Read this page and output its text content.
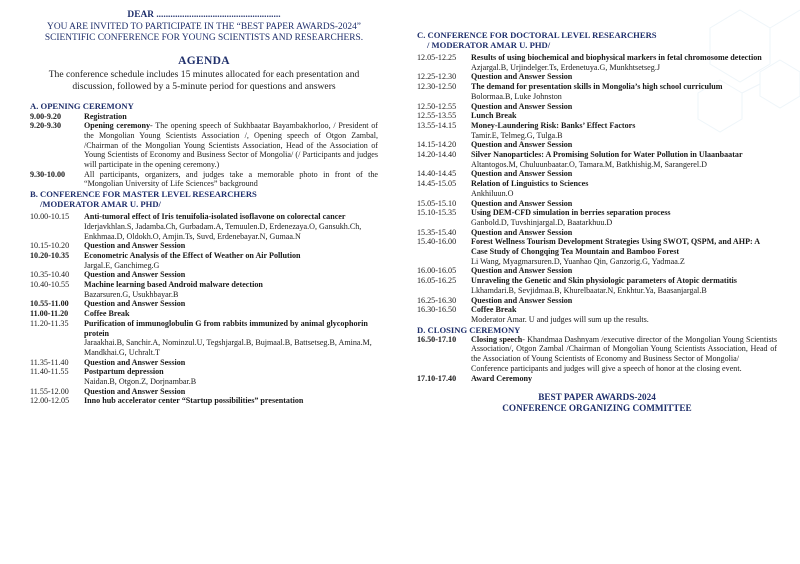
DEAR .....................................................
YOU ARE INVITED TO PARTICIPATE IN THE “BEST PAPER AWARDS-2024” SCIENTIFIC CONFERENCE FOR YOUNG SCIENTISTS AND RESEARCHERS.
AGENDA
The conference schedule includes 15 minutes allocated for each presentation and discussion, followed by a 5-minute period for questions and answers
A. OPENING CEREMONY
9.00-9.20	Registration
9.20-9.30	Opening ceremony- The opening speech of Sukhbaatar Bayambakhorloo, / President of the Mongolian Young Scientists Association /, Opening speech of Otgon Zambal, /Chairman of the Mongolian Young Scientists Association, Head of the Association of Young Scientists of Economy and Business Sector of Mongolia/ (/ Participants and judges will participate in the opening ceremony.)
9.30-10.00	All participants, organizers, and judges take a memorable photo in front of the “Mongolian University of Life Sciences” background
B. CONFERENCE FOR MASTER LEVEL RESEARCHERS
/MODERATOR AMAR U. PHD/
10.00-10.15	Anti-tumoral effect of Iris tenuifolia-isolated isoflavone on colorectal cancer
Iderjavkhlan.S, Jadamba.Ch, Gurbadam.A, Temuulen.D, Erdenezaya.O, Gansukh.Ch, Enkhmaa.D, Oldokh.O, Amjin.Ts, Suvd, Erdenebayar.N, Gumaa.N
10.15-10.20	Question and Answer Session
10.20-10.35	Econometric Analysis of the Effect of Weather on Air Pollution
Jargal.E, Ganchimeg.G
10.35-10.40	Question and Answer Session
10.40-10.55	Machine learning based Android malware detection
Bazarsuren.G, Usukhbayar.B
10.55-11.00	Question and Answer Session
11.00-11.20	Coffee Break
11.20-11.35	Purification of immunoglobulin G from rabbits immunized by animal glycophorin protein
Jaraakhai.B, Sanchir.A, Nominzul.U, Tegshjargal.B, Bujmaal.B, Battsetseg.B, Amina.M, Mandkhai.G, Uchralt.T
11.35-11.40	Question and Answer Session
11.40-11.55	Postpartum depression
Naidan.B, Otgon.Z, Dorjnambar.B
11.55-12.00	Question and Answer Session
12.00-12.05	Inno hub accelerator center “Startup possibilities” presentation
C. CONFERENCE FOR DOCTORAL LEVEL RESEARCHERS
/ MODERATOR AMAR U. PHD/
12.05-12.25	Results of using biochemical and biophysical markers in fetal chromosome detection
Azjargal.B, Urjindelger.Ts, Erdenetuya.G, Munkhtsetseg.J
12.25-12.30	Question and Answer Session
12.30-12.50	The demand for presentation skills in Mongolia’s high school curriculum
Bolormaa.B, Luke Johnston
12.50-12.55	Question and Answer Session
12.55-13.55	Lunch Break
13.55-14.15	Money-Laundering Risk: Banks’ Effect Factors
Tamir.E, Telmeg.G, Tulga.B
14.15-14.20	Question and Answer Session
14.20-14.40	Silver Nanoparticles: A Promising Solution for Water Pollution in Ulaanbaatar
Altantogos.M, Chuluunbaatar.O, Tamara.M, Batkhishig.M, Sarangerel.D
14.40-14.45	Question and Answer Session
14.45-15.05	Relation of Linguistics to Sciences
Ankhiluun.O
15.05-15.10	Question and Answer Session
15.10-15.35	Using DEM-CFD simulation in berries separation process
Ganbold.D, Tuvshinjargal.D, Baatarkhuu.D
15.35-15.40	Question and Answer Session
15.40-16.00	Forest Wellness Tourism Development Strategies Using SWOT, QSPM, and AHP: A Case Study of Chongqing Tea Mountain and Bamboo Forest
Li Wang, Myagmarsuren.D, Yuanhao Qin, Ganzorig.G, Yadmaa.Z
16.00-16.05	Question and Answer Session
16.05-16.25	Unraveling the Genetic and Skin physiologic parameters of Atopic dermatitis
Lkhamdari.B, Sevjidmaa.B, Khurelbaatar.N, Enkhtur.Ya, Baasanjargal.B
16.25-16.30	Question and Answer Session
16.30-16.50	Coffee Break
Moderator Amar. U and judges will sum up the results.
D. CLOSING CEREMONY
16.50-17.10	Closing speech- Khandmaa Dashnyam /executive director of the Mongolian Young Scientists Association/, Otgon Zambal /Chairman of Mongolian Young Scientists Association, Head of the Association of Young Scientists of Economy and Business Sector of Mongolia/
Conference participants and judges will give a speech of honor at the closing event.
17.10-17.40	Award Ceremony
BEST PAPER AWARDS-2024
CONFERENCE ORGANIZING COMMITTEE
